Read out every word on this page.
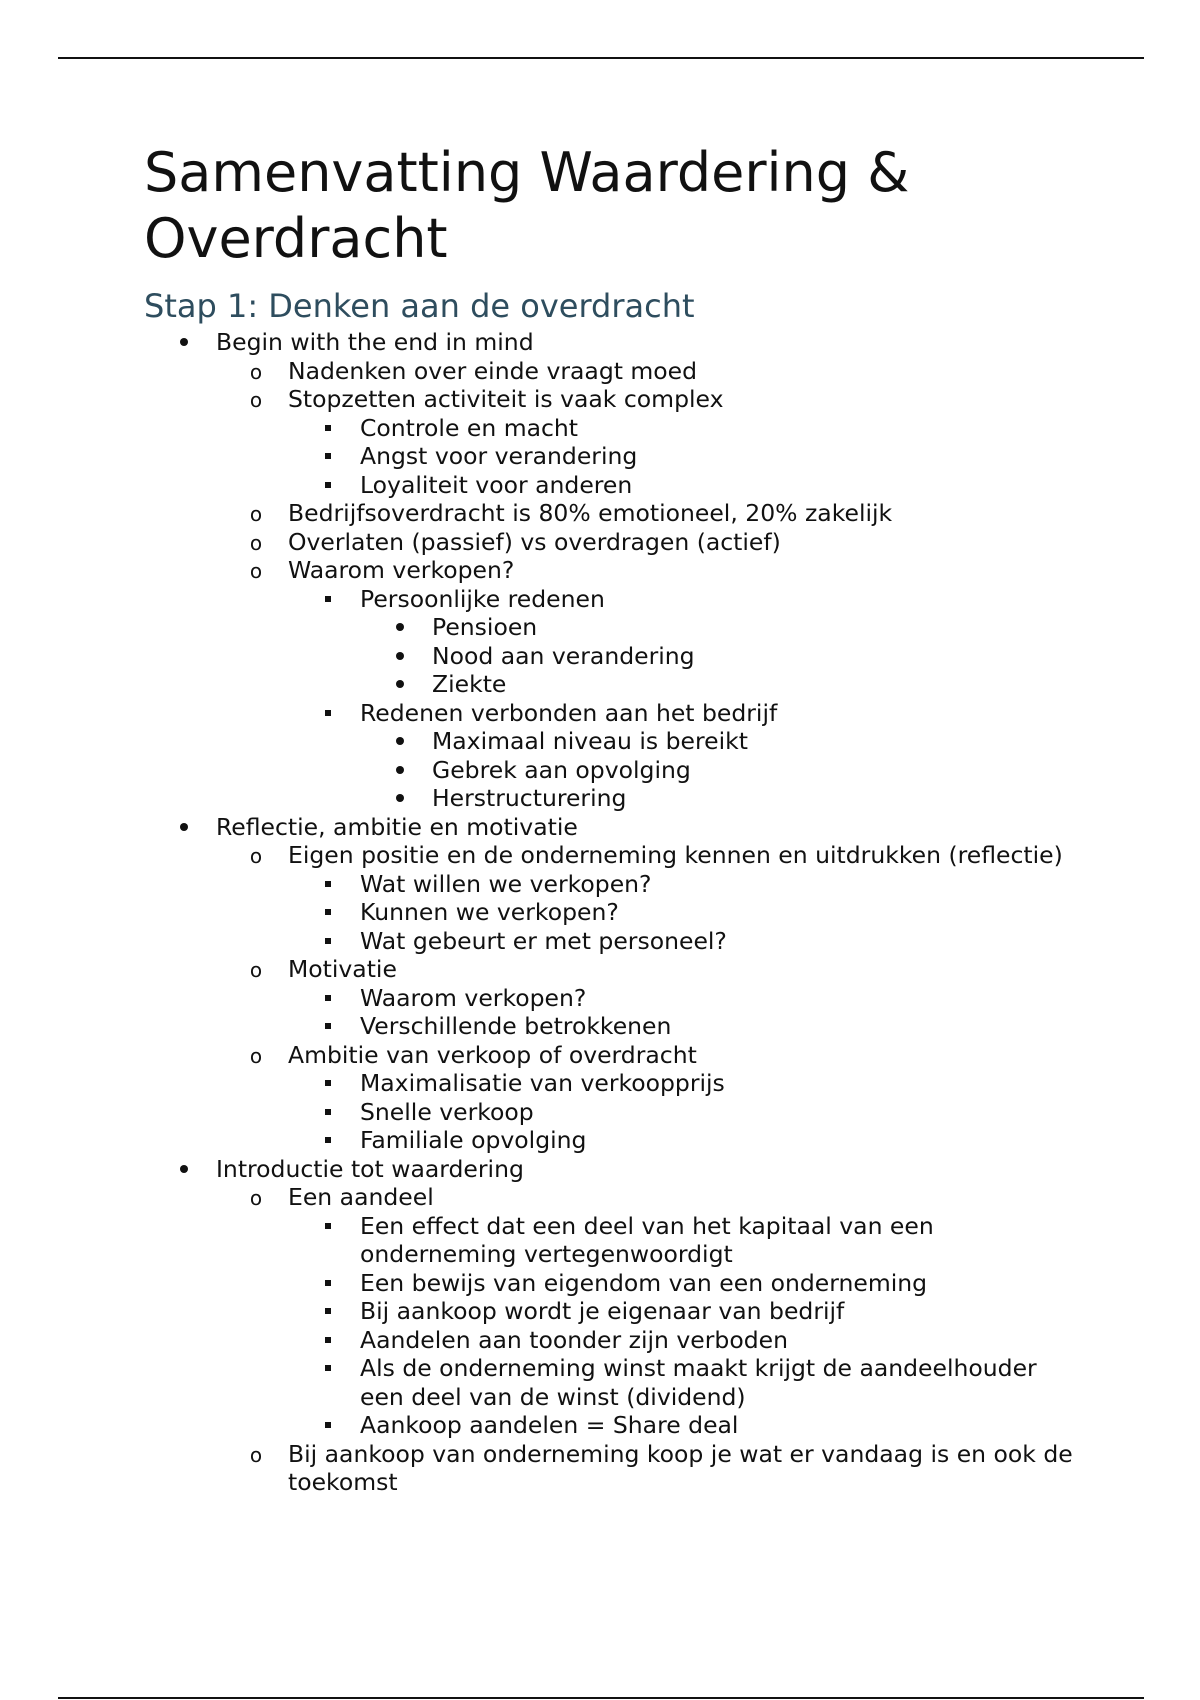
Samenvatting Waardering & Overdracht
Stap 1: Denken aan de overdracht
Begin with the end in mind
o Nadenken over einde vraagt moed
o Stopzetten activiteit is vaak complex
Controle en macht
Angst voor verandering
Loyaliteit voor anderen
o Bedrijfsoverdracht is 80% emotioneel, 20% zakelijk
o Overlaten (passief) vs overdragen (actief)
o Waarom verkopen?
Persoonlijke redenen
Pensioen
Nood aan verandering
Ziekte
Redenen verbonden aan het bedrijf
Maximaal niveau is bereikt
Gebrek aan opvolging
Herstructurering
Reflectie, ambitie en motivatie
o Eigen positie en de onderneming kennen en uitdrukken (reflectie)
Wat willen we verkopen?
Kunnen we verkopen?
Wat gebeurt er met personeel?
o Motivatie
Waarom verkopen?
Verschillende betrokkenen
o Ambitie van verkoop of overdracht
Maximalisatie van verkoopprijs
Snelle verkoop
Familiale opvolging
Introductie tot waardering
o Een aandeel
Een effect dat een deel van het kapitaal van een onderneming vertegenwoordigt
Een bewijs van eigendom van een onderneming
Bij aankoop wordt je eigenaar van bedrijf
Aandelen aan toonder zijn verboden
Als de onderneming winst maakt krijgt de aandeelhouder een deel van de winst (dividend)
Aankoop aandelen = Share deal
o Bij aankoop van onderneming koop je wat er vandaag is en ook de toekomst
